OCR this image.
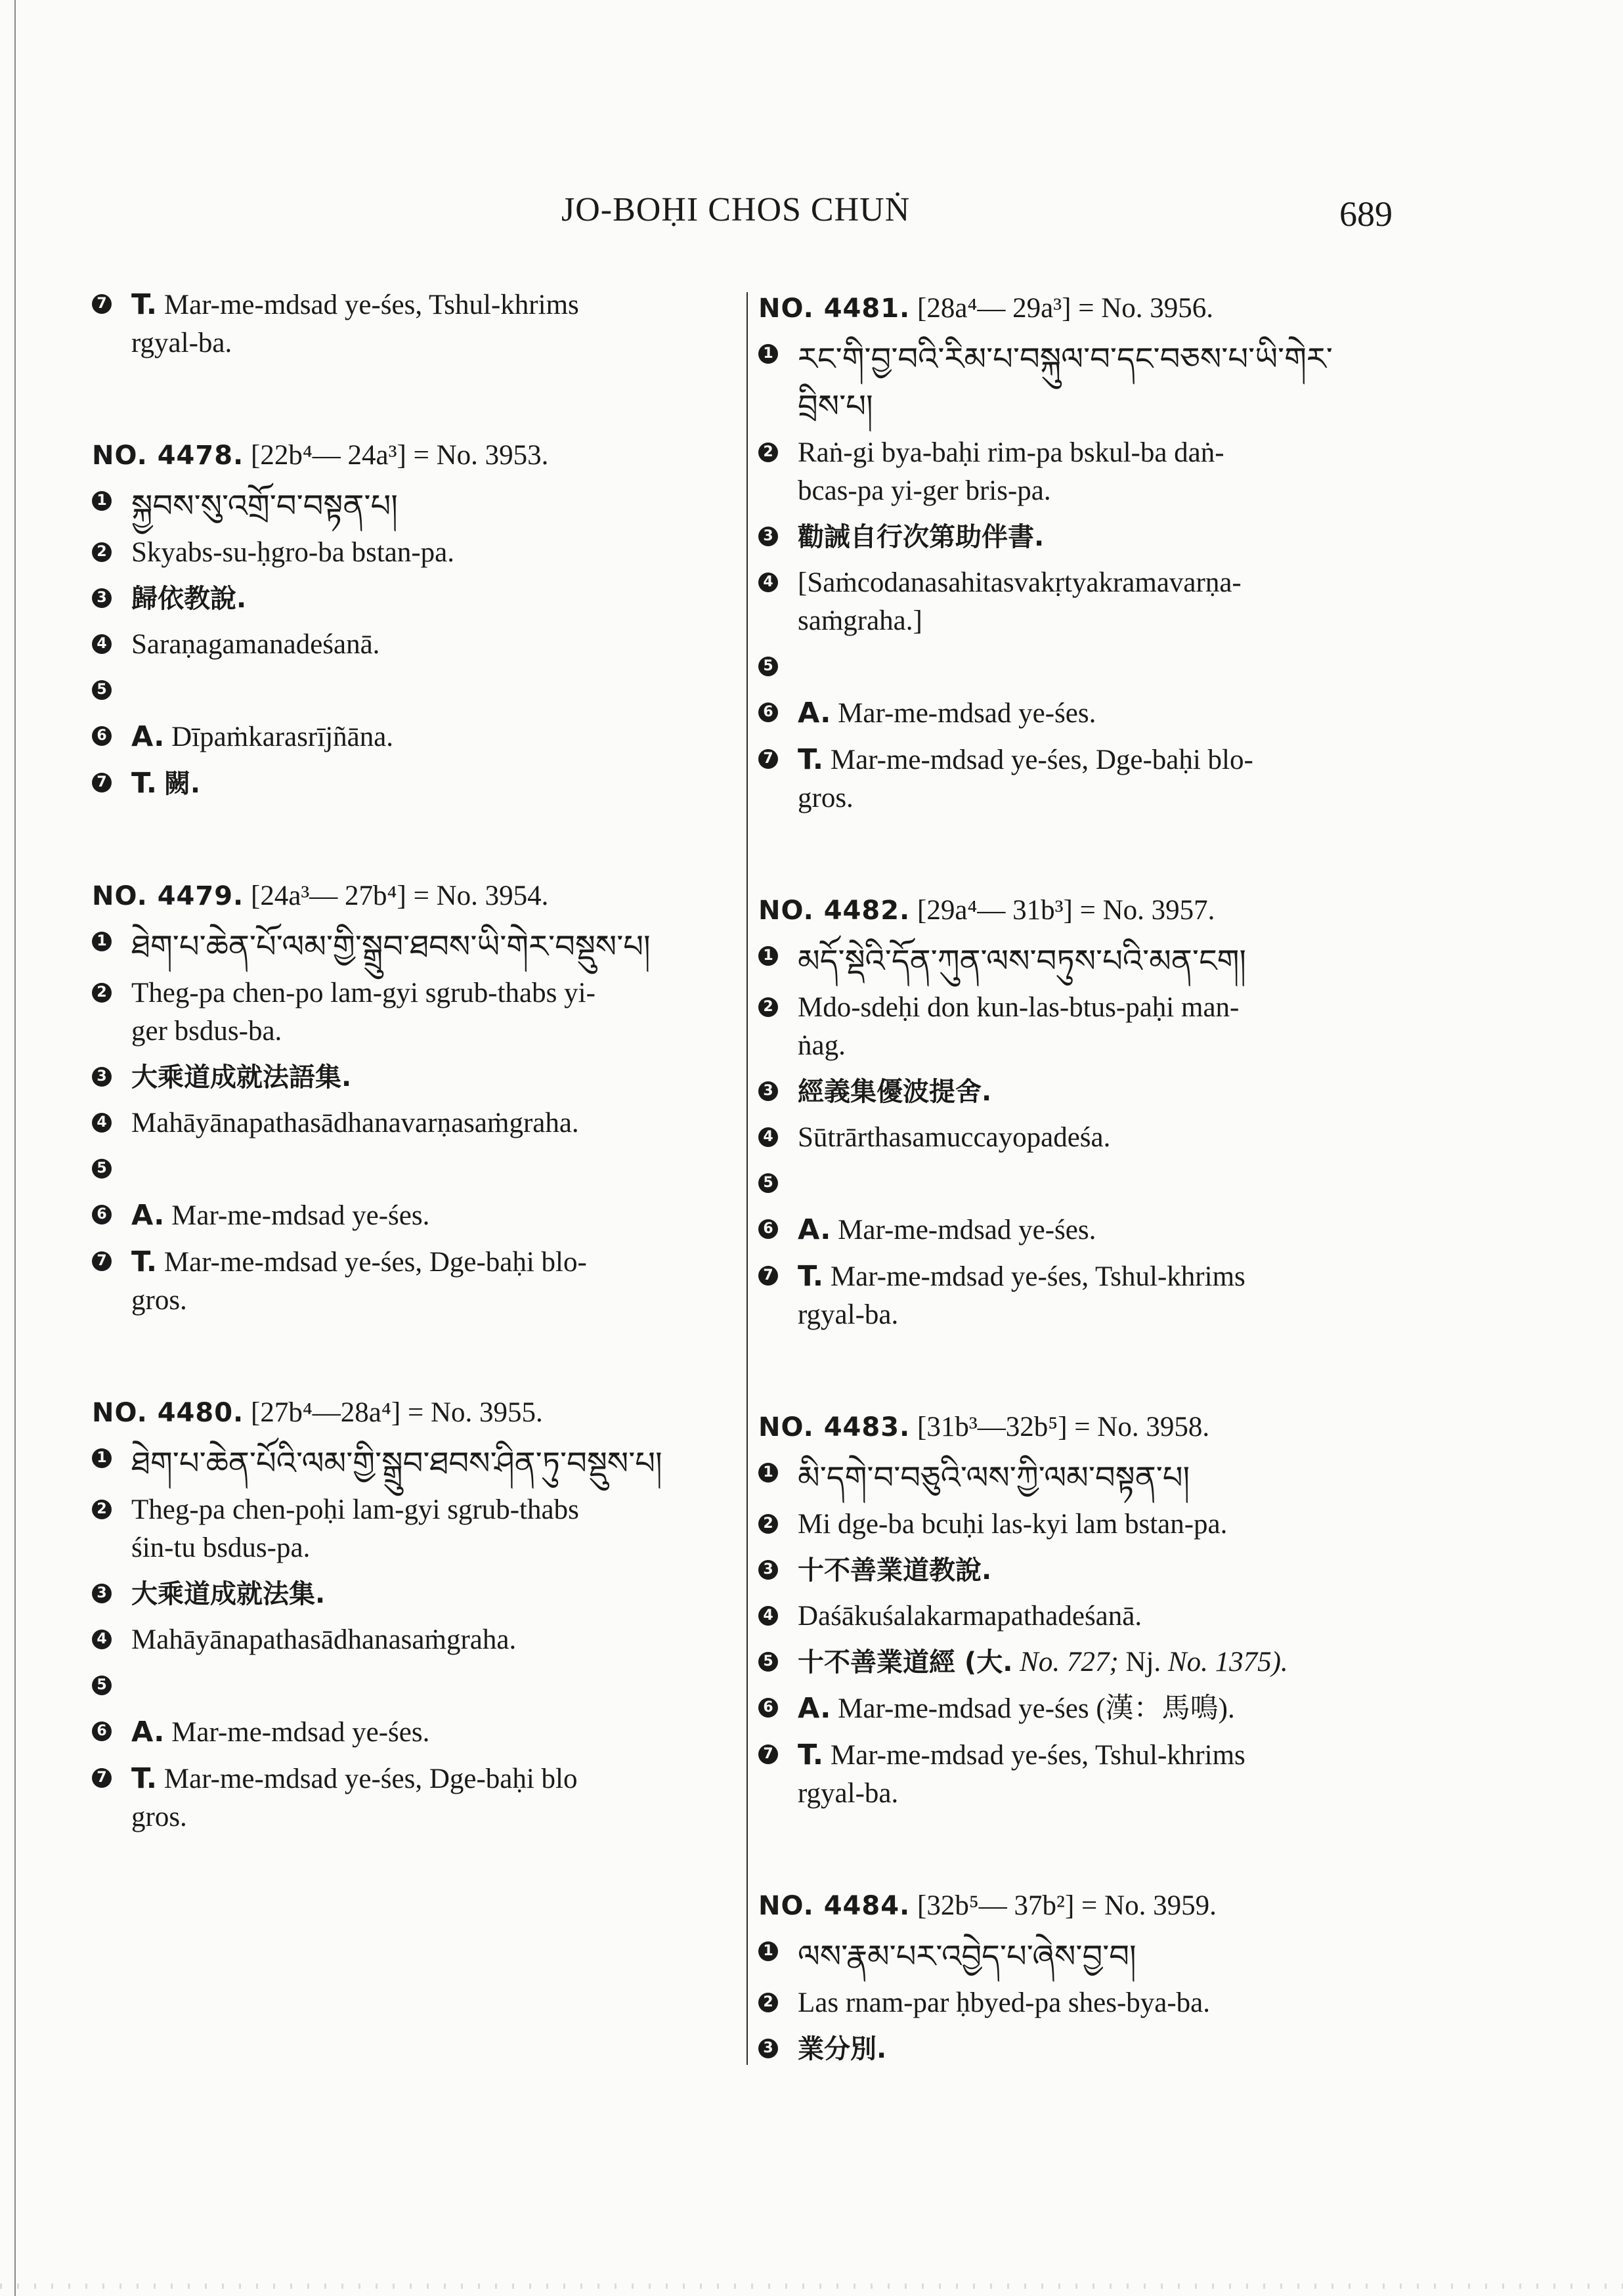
JO-BOḤI CHOS CHUṄ	689
7 T. Mar-me-mdsad ye-śes, Tshul-khrims
rgyal-ba.
NO. 4478. [22b⁴— 24a³] = No. 3953.
1 སྐྱབས་སུ་འགྲོ་བ་བསྟན་པ།
2 Skyabs-su-ḥgro-ba bstan-pa.
3 歸依教說.
4 Saraṇagamanadeśanā.
5

6 A. Dīpaṁkarasrījñāna.
7 T. 闕.
NO. 4479. [24a³— 27b⁴] = No. 3954.
1 ཐེག་པ་ཆེན་པོ་ལམ་གྱི་སྒྲུབ་ཐབས་ཡི་གེར་བསྡུས་པ།
2 Theg-pa chen-po lam-gyi sgrub-thabs yi-
ger bsdus-ba.
3 大乘道成就法語集.
4 Mahāyānapathasādhanavarṇasaṁgraha.
5

6 A. Mar-me-mdsad ye-śes.
7 T. Mar-me-mdsad ye-śes, Dge-baḥi blo-
gros.
NO. 4480. [27b⁴—28a⁴] = No. 3955.
1 ཐེག་པ་ཆེན་པོའི་ལམ་གྱི་སྒྲུབ་ཐབས་ཤིན་ཏུ་བསྡུས་པ།
2 Theg-pa chen-poḥi lam-gyi sgrub-thabs
śin-tu bsdus-pa.
3 大乘道成就法集.
4 Mahāyānapathasādhanasaṁgraha.
5

6 A. Mar-me-mdsad ye-śes.
7 T. Mar-me-mdsad ye-śes, Dge-baḥi blo
gros.
NO. 4481. [28a⁴— 29a³] = No. 3956.
1 རང་གི་བྱ་བའི་རིམ་པ་བསྐུལ་བ་དང་བཅས་པ་ཡི་གེར་བྲིས་པ།
2 Raṅ-gi bya-baḥi rim-pa bskul-ba daṅ-
bcas-pa yi-ger bris-pa.
3 勸誡自行次第助伴書.
4 [Saṁcodanasahitasvakṛtyakramavarṇa-
saṁgraha.]
5

6 A. Mar-me-mdsad ye-śes.
7 T. Mar-me-mdsad ye-śes, Dge-baḥi blo-
gros.
NO. 4482. [29a⁴— 31b³] = No. 3957.
1 མདོ་སྡེའི་དོན་ཀུན་ལས་བཏུས་པའི་མན་ངག།
2 Mdo-sdeḥi don kun-las-btus-paḥi man-
ṅag.
3 經義集優波提舍.
4 Sūtrārthasamuccayopadeśa.
5

6 A. Mar-me-mdsad ye-śes.
7 T. Mar-me-mdsad ye-śes, Tshul-khrims
rgyal-ba.
NO. 4483. [31b³—32b⁵] = No. 3958.
1 མི་དགེ་བ་བཅུའི་ལས་ཀྱི་ལམ་བསྟན་པ།
2 Mi dge-ba bcuḥi las-kyi lam bstan-pa.
3 十不善業道教說.
4 Daśākuśalakarmapathadeśanā.
5 十不善業道經 (大. No. 727; Nj. No. 1375).
6 A. Mar-me-mdsad ye-śes (漢：馬鳴).
7 T. Mar-me-mdsad ye-śes, Tshul-khrims
rgyal-ba.
NO. 4484. [32b⁵— 37b²] = No. 3959.
1 ལས་རྣམ་པར་འབྱེད་པ་ཞེས་བྱ་བ།
2 Las rnam-par ḥbyed-pa shes-bya-ba.
3 業分別.
